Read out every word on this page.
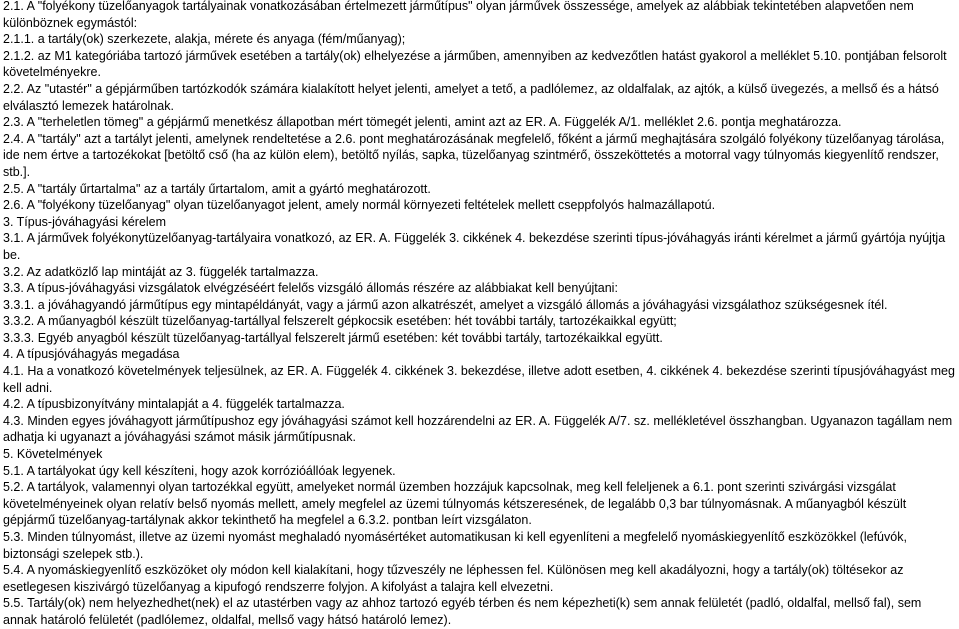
2.1. A "folyékony tüzelőanyagok tartályainak vonatkozásában értelmezett járműtípus" olyan járművek összessége, amelyek az alábbiak tekintetében alapvetően nem különböznek egymástól:
2.1.1. a tartály(ok) szerkezete, alakja, mérete és anyaga (fém/műanyag);
2.1.2. az M1 kategóriába tartozó járművek esetében a tartály(ok) elhelyezése a járműben, amennyiben az kedvezőtlen hatást gyakorol a melléklet 5.10. pontjában felsorolt követelményekre.
2.2. Az "utastér" a gépjárműben tartózkodók számára kialakított helyet jelenti, amelyet a tető, a padlólemez, az oldalfalak, az ajtók, a külső üvegezés, a mellső és a hátsó elválasztó lemezek határolnak.
2.3. A "terheletlen tömeg" a gépjármű menetkész állapotban mért tömegét jelenti, amint azt az ER. A. Függelék A/1. melléklet 2.6. pontja meghatározza.
2.4. A "tartály" azt a tartályt jelenti, amelynek rendeltetése a 2.6. pont meghatározásának megfelelő, főként a jármű meghajtására szolgáló folyékony tüzelőanyag tárolása, ide nem értve a tartozékokat [betöltő cső (ha az külön elem), betöltő nyílás, sapka, tüzelőanyag szintmérő, összeköttetés a motorral vagy túlnyomás kiegyenlítő rendszer, stb.].
2.5. A "tartály űrtartalma" az a tartály űrtartalom, amit a gyártó meghatározott.
2.6. A "folyékony tüzelőanyag" olyan tüzelőanyagot jelent, amely normál környezeti feltételek mellett cseppfolyós halmazállapotú.
3. Típus-jóváhagyási kérelem
3.1. A járművek folyékonytüzelőanyag-tartályaira vonatkozó, az ER. A. Függelék 3. cikkének 4. bekezdése szerinti típus-jóváhagyás iránti kérelmet a jármű gyártója nyújtja be.
3.2. Az adatközlő lap mintáját az 3. függelék tartalmazza.
3.3. A típus-jóváhagyási vizsgálatok elvégzéséért felelős vizsgáló állomás részére az alábbiakat kell benyújtani:
3.3.1. a jóváhagyandó járműtípus egy mintapéldányát, vagy a jármű azon alkatrészét, amelyet a vizsgáló állomás a jóváhagyási vizsgálathoz szükségesnek ítél.
3.3.2. A műanyagból készült tüzelőanyag-tartállyal felszerelt gépkocsik esetében: hét további tartály, tartozékaikkal együtt;
3.3.3. Egyéb anyagból készült tüzelőanyag-tartállyal felszerelt jármű esetében: két további tartály, tartozékaikkal együtt.
4. A típusjóváhagyás megadása
4.1. Ha a vonatkozó követelmények teljesülnek, az ER. A. Függelék 4. cikkének 3. bekezdése, illetve adott esetben, 4. cikkének 4. bekezdése szerinti típusjóváhagyást meg kell adni.
4.2. A típusbizonyítvány mintalapját a 4. függelék tartalmazza.
4.3. Minden egyes jóváhagyott járműtípushoz egy jóváhagyási számot kell hozzárendelni az ER. A. Függelék A/7. sz. mellékletével összhangban. Ugyanazon tagállam nem adhatja ki ugyanazt a jóváhagyási számot másik járműtípusnak.
5. Követelmények
5.1. A tartályokat úgy kell készíteni, hogy azok korrózióállóak legyenek.
5.2. A tartályok, valamennyi olyan tartozékkal együtt, amelyeket normál üzemben hozzájuk kapcsolnak, meg kell feleljenek a 6.1. pont szerinti szivárgási vizsgálat követelményeinek olyan relatív belső nyomás mellett, amely megfelel az üzemi túlnyomás kétszeresének, de legalább 0,3 bar túlnyomásnak. A műanyagból készült gépjármű tüzelőanyag-tartálynak akkor tekinthető ha megfelel a 6.3.2. pontban leírt vizsgálaton.
5.3. Minden túlnyomást, illetve az üzemi nyomást meghaladó nyomásértéket automatikusan ki kell egyenlíteni a megfelelő nyomáskiegyenlítő eszközökkel (lefúvók, biztonsági szelepek stb.).
5.4. A nyomáskiegyenlítő eszközöket oly módon kell kialakítani, hogy tűzveszély ne léphessen fel. Különösen meg kell akadályozni, hogy a tartály(ok) töltésekor az esetlegesen kiszivárgó tüzelőanyag a kipufogó rendszerre folyjon. A kifolyást a talajra kell elvezetni.
5.5. Tartály(ok) nem helyezhedhet(nek) el az utastérben vagy az ahhoz tartozó egyéb térben és nem képezheti(k) sem annak felületét (padló, oldalfal, mellső fal), sem annak határoló felületét (padlólemez, oldalfal, mellső vagy hátsó határoló lemez).
